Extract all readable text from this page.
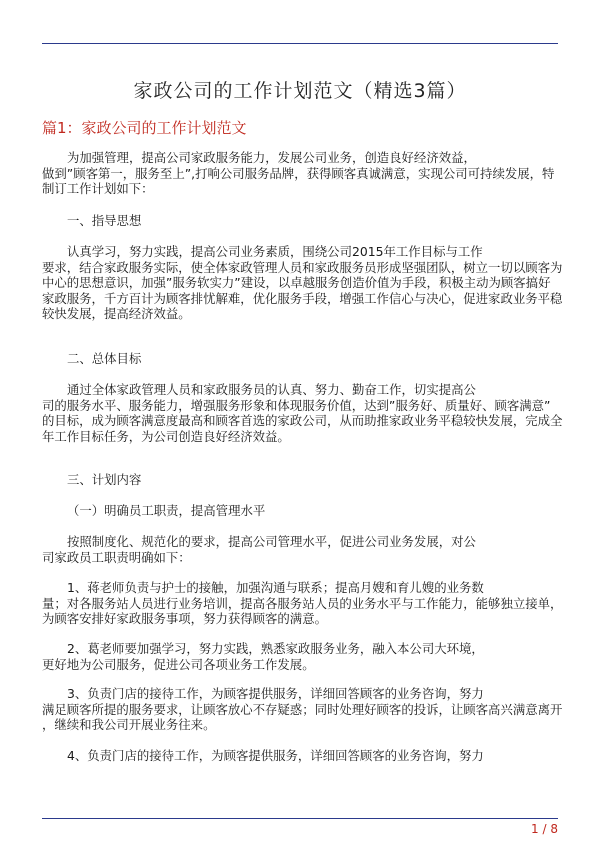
家政公司的工作计划范文（精选3篇）
篇1：家政公司的工作计划范文
为加强管理，提高公司家政服务能力，发展公司业务，创造良好经济效益，
做到”顾客第一，服务至上”,打响公司服务品牌，获得顾客真诚满意，实现公司可持续发展，特
制订工作计划如下：
一、指导思想
认真学习，努力实践，提高公司业务素质，围绕公司2015年工作目标与工作
要求，结合家政服务实际，使全体家政管理人员和家政服务员形成坚强团队，树立一切以顾客为
中心的思想意识，加强”服务软实力”建设，以卓越服务创造价值为手段，积极主动为顾客搞好
家政服务，千方百计为顾客排忧解难，优化服务手段，增强工作信心与决心，促进家政业务平稳
较快发展，提高经济效益。
二、总体目标
通过全体家政管理人员和家政服务员的认真、努力、勤奋工作，切实提高公
司的服务水平、服务能力，增强服务形象和体现服务价值，达到”服务好、质量好、顾客满意”
的目标，成为顾客满意度最高和顾客首选的家政公司，从而助推家政业务平稳较快发展，完成全
年工作目标任务，为公司创造良好经济效益。
三、计划内容
（一）明确员工职责，提高管理水平
按照制度化、规范化的要求，提高公司管理水平，促进公司业务发展，对公
司家政员工职责明确如下：
1、蒋老师负责与护士的接触，加强沟通与联系；提高月嫂和育儿嫂的业务数
量；对各服务站人员进行业务培训，提高各服务站人员的业务水平与工作能力，能够独立接单，
为顾客安排好家政服务事项，努力获得顾客的满意。
2、葛老师要加强学习，努力实践，熟悉家政服务业务，融入本公司大环境，
更好地为公司服务，促进公司各项业务工作发展。
3、负责门店的接待工作，为顾客提供服务，详细回答顾客的业务咨询，努力
满足顾客所提的服务要求，让顾客放心不存疑惑；同时处理好顾客的投诉，让顾客高兴满意离开
，继续和我公司开展业务往来。
4、负责门店的接待工作，为顾客提供服务，详细回答顾客的业务咨询，努力
1 / 8
